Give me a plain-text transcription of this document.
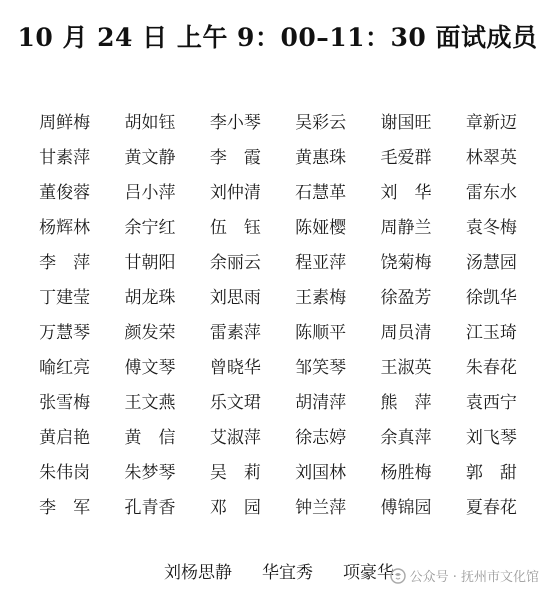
10 月 24 日 上午 9：00–11：30 面试成员
周鲜梅	胡如钰	李小琴	吴彩云	谢国旺	章新迈
甘素萍	黄文静	李　霞	黄惠珠	毛爱群	林翠英
董俊蓉	吕小萍	刘仲清	石慧革	刘　华	雷东水
杨辉林	余宁红	伍　钰	陈娅樱	周静兰	袁冬梅
李　萍	甘朝阳	余丽云	程亚萍	饶菊梅	汤慧园
丁建莹	胡龙珠	刘思雨	王素梅	徐盈芳	徐凯华
万慧琴	颜发荣	雷素萍	陈顺平	周员清	江玉琦
喻红亮	傅文琴	曾晓华	邹笑琴	王淑英	朱春花
张雪梅	王文燕	乐文珺	胡清萍	熊　萍	袁西宁
黄启艳	黄　信	艾淑萍	徐志婷	余真萍	刘飞琴
朱伟岗	朱梦琴	吴　莉	刘国林	杨胜梅	郭　甜
李　军	孔青香	邓　园	钟兰萍	傅锦园	夏春花
刘杨思静	华宜秀	项豪华	公众号 · 抚州市文化馆
